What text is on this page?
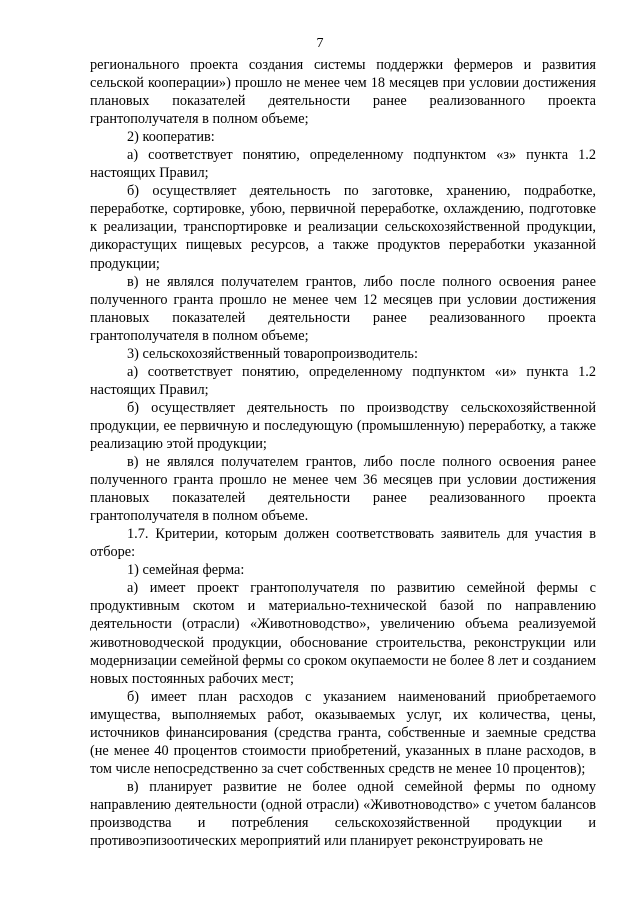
7

регионального проекта создания системы поддержки фермеров и развития сельской кооперации») прошло не менее чем 18 месяцев при условии достижения плановых показателей деятельности ранее реализованного проекта грантополучателя в полном объеме;

2) кооператив:

а) соответствует понятию, определенному подпунктом «з» пункта 1.2 настоящих Правил;

б) осуществляет деятельность по заготовке, хранению, подработке, переработке, сортировке, убою, первичной переработке, охлаждению, подготовке к реализации, транспортировке и реализации сельскохозяйственной продукции, дикорастущих пищевых ресурсов, а также продуктов переработки указанной продукции;

в) не являлся получателем грантов, либо после полного освоения ранее полученного гранта прошло не менее чем 12 месяцев при условии достижения плановых показателей деятельности ранее реализованного проекта грантополучателя в полном объеме;

3) сельскохозяйственный товаропроизводитель:

а) соответствует понятию, определенному подпунктом «и» пункта 1.2 настоящих Правил;

б) осуществляет деятельность по производству сельскохозяйственной продукции, ее первичную и последующую (промышленную) переработку, а также реализацию этой продукции;

в) не являлся получателем грантов, либо после полного освоения ранее полученного гранта прошло не менее чем 36 месяцев при условии достижения плановых показателей деятельности ранее реализованного проекта грантополучателя в полном объеме.

1.7. Критерии, которым должен соответствовать заявитель для участия в отборе:

1) семейная ферма:

а) имеет проект грантополучателя по развитию семейной фермы с продуктивным скотом и материально-технической базой по направлению деятельности (отрасли) «Животноводство», увеличению объема реализуемой животноводческой продукции, обоснование строительства, реконструкции или модернизации семейной фермы со сроком окупаемости не более 8 лет и созданием новых постоянных рабочих мест;

б) имеет план расходов с указанием наименований приобретаемого имущества, выполняемых работ, оказываемых услуг, их количества, цены, источников финансирования (средства гранта, собственные и заемные средства (не менее 40 процентов стоимости приобретений, указанных в плане расходов, в том числе непосредственно за счет собственных средств не менее 10 процентов);

в) планирует развитие не более одной семейной фермы по одному направлению деятельности (одной отрасли) «Животноводство» с учетом балансов производства и потребления сельскохозяйственной продукции и противоэпизоотических мероприятий или планирует реконструировать не
